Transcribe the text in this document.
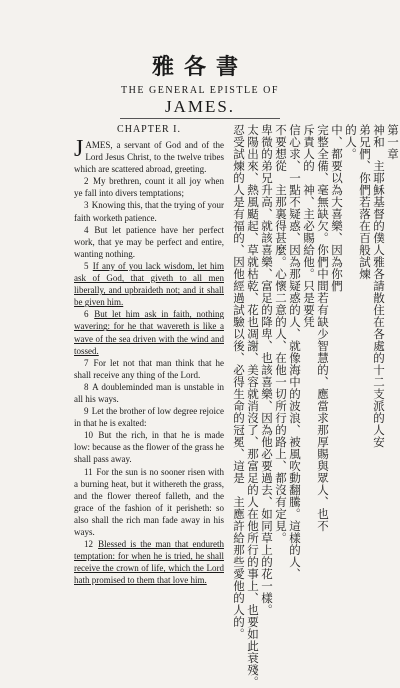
雅各書
THE GENERAL EPISTLE OF
JAMES.
CHAPTER I.

JAMES, a servant of God and of the Lord Jesus Christ, to the twelve tribes which are scattered abroad, greeting.

2 My brethren, count it all joy when ye fall into divers temptations;

3 Knowing this, that the trying of your faith worketh patience.

4 But let patience have her perfect work, that ye may be perfect and entire, wanting nothing.

5 If any of you lack wisdom, let him ask of God, that giveth to all men liberally, and upbraideth not; and it shall be given him.

6 But let him ask in faith, nothing wavering: for he that wavereth is like a wave of the sea driven with the wind and tossed.

7 For let not that man think that he shall receive any thing of the Lord.

8 A doubleminded man is unstable in all his ways.

9 Let the brother of low degree rejoice in that he is exalted:

10 But the rich, in that he is made low: because as the flower of the grass he shall pass away.

11 For the sun is no sooner risen with a burning heat, but it withereth the grass, and the flower thereof falleth, and the grace of the fashion of it perisheth: so also shall the rich man fade away in his ways.

12 Blessed is the man that endureth temptation: for when he is tried, he shall receive the crown of life, which the Lord hath promised to them that love him.

第一章
神和　主耶穌基督的僕人雅各請散住在各處的十二支派的人安
弟兄們、你們若落在百般試煉
的人。
中、都要以為大喜樂、因為你們
完整全備、毫無缺欠。你們中間若有缺少智慧的、應當求那厚賜與眾人、也不
斥責人的　神、主必賜給他。只是要凭
信心求、一點不疑惑、因為那疑惑的人、就像海中的波浪、被風吹動翻騰。這樣的人、
不要想從　主那裏得甚麼。心懷二意的人、在他一切所行的路上、都沒有定見。
卑微的弟兄升高、就該喜樂、富足的降卑、也該喜樂、因為他必要過去、如同草上的花一樣。
太陽出來、熱風颳起、草就枯乾、花也凋謝、美容就消沒了、那富足的人在他所行的事上、也要如此衰殘。
忍受試煉的人是有福的、因他經過試驗以後、必得生命的冠冕、這是　主應許給那些愛他的人的。
